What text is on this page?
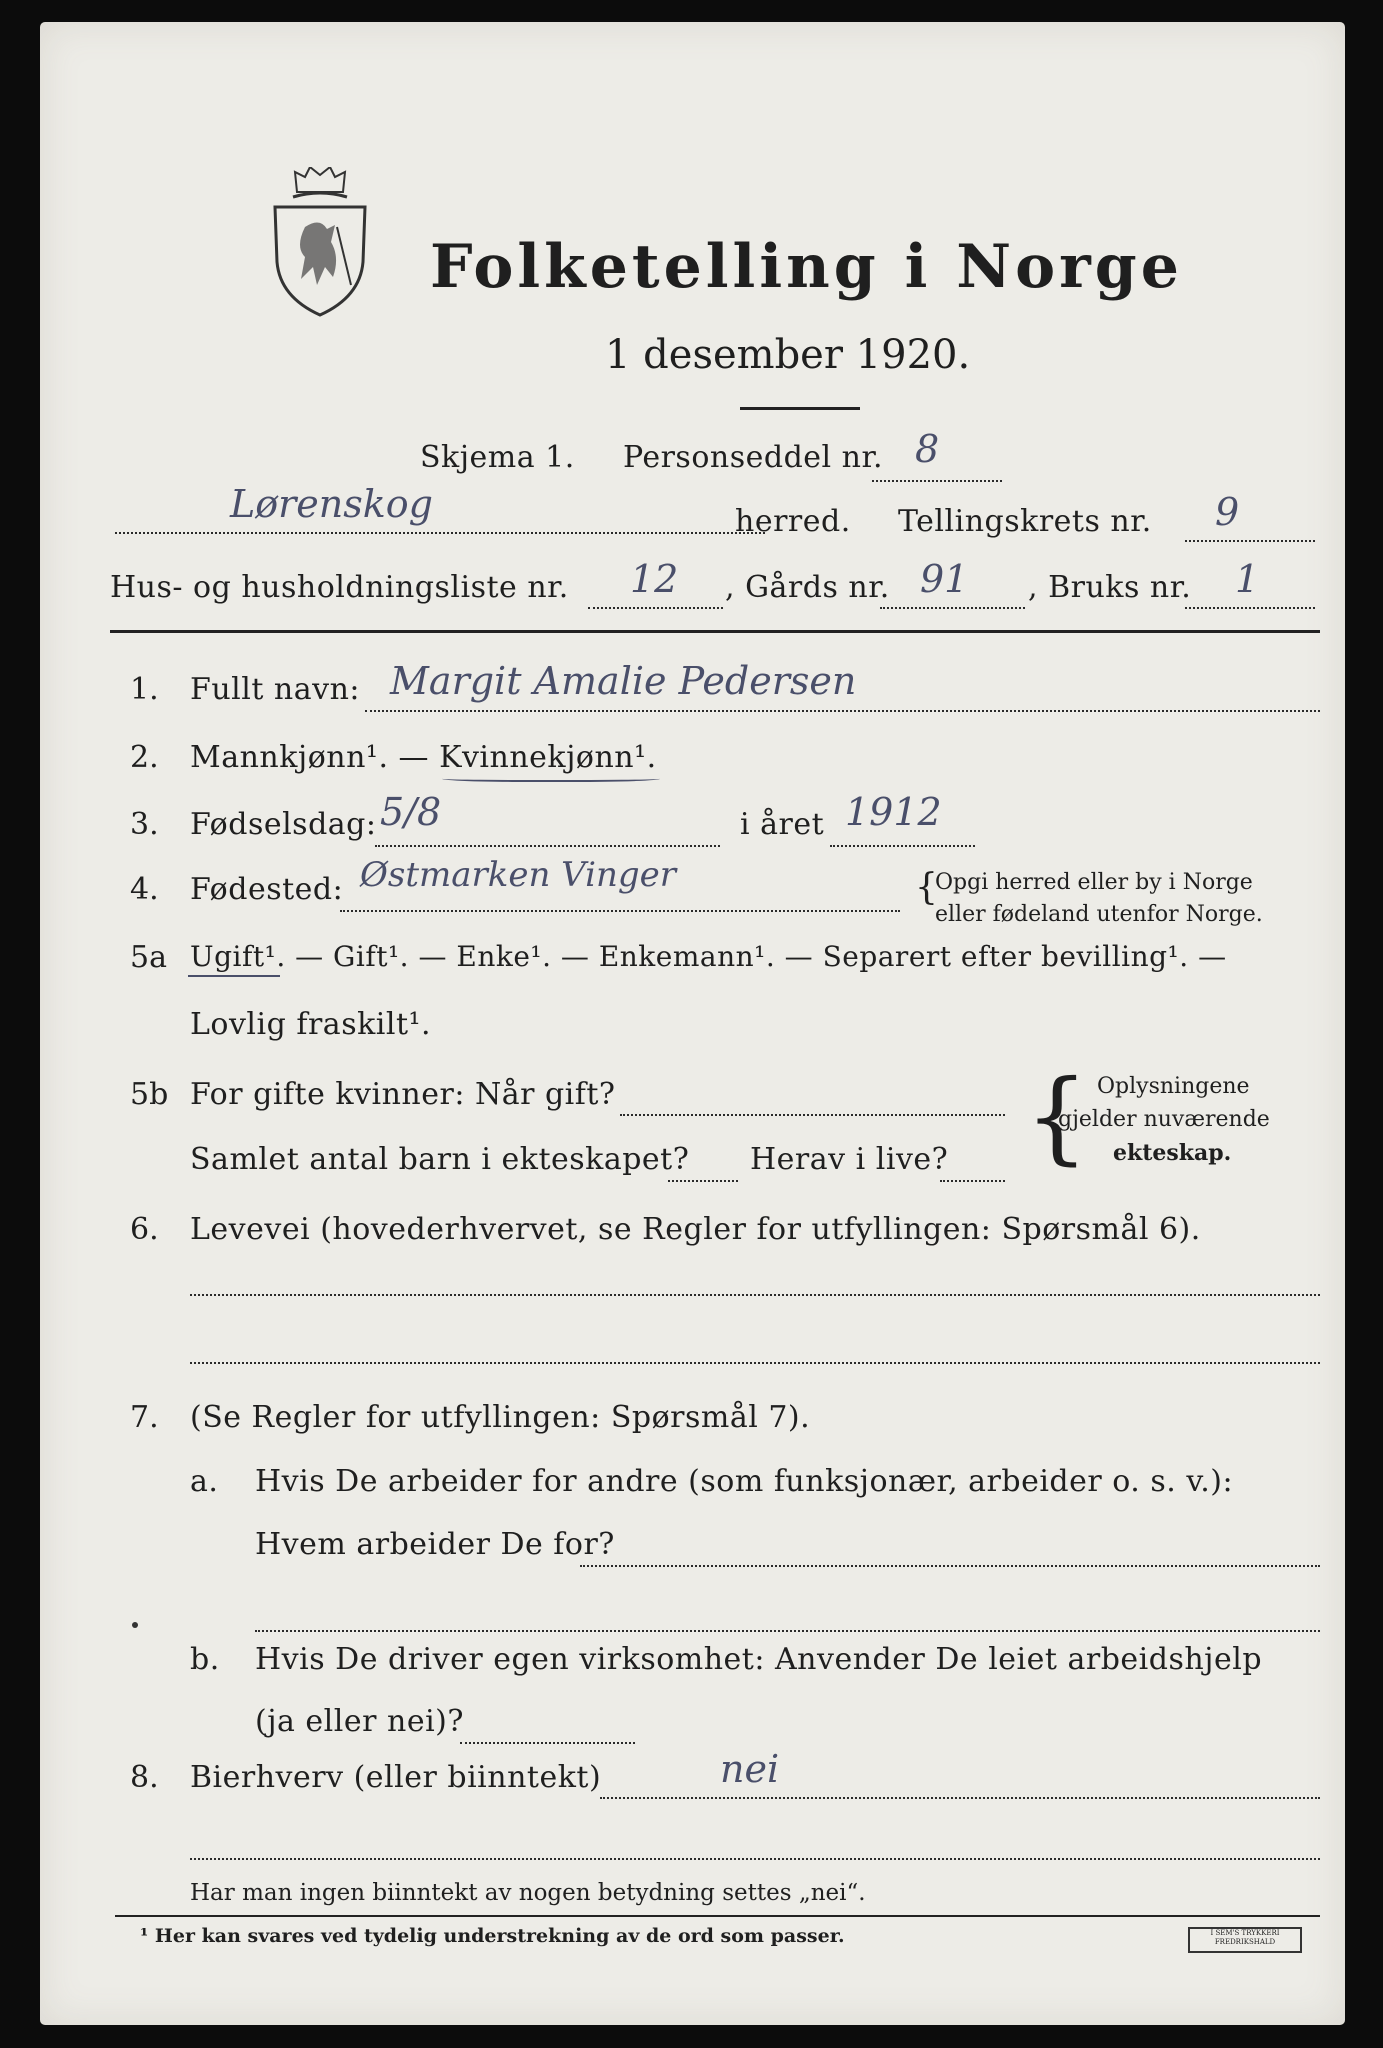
Folketelling i Norge
1 desember 1920.
Skjema 1. Personseddel nr. 8
Lørenskog	herred. Tellingskrets nr. 9
Hus- og husholdningsliste nr. 12 , Gårds nr. 91 , Bruks nr. 1
1. Fullt navn: Margit Amalie Pedersen
2. Mannkjønn¹. — Kvinnekjønn¹.
3. Fødselsdag: 5/8	i året 1912
4. Fødested: Østmarken Vinger	{
Opgi herred eller by i Norge
eller fødeland utenfor Norge.
5a Ugift¹. — Gift¹. — Enke¹. — Enkemann¹. — Separert efter bevilling¹. —
Lovlig fraskilt¹.
5b For gifte kvinner: Når gift?
Samlet antal barn i ekteskapet? Herav i live? { Oplysningene
gjelder nuværende
ekteskap.
6. Levevei (hovederhvervet, se Regler for utfyllingen: Spørsmål 6).
7. (Se Regler for utfyllingen: Spørsmål 7).
a. Hvis De arbeider for andre (som funksjonær, arbeider o. s. v.):
Hvem arbeider De for?
b. Hvis De driver egen virksomhet: Anvender De leiet arbeidshjelp
(ja eller nei)?
8. Bierhverv (eller biinntekt)	nei
Har man ingen biinntekt av nogen betydning settes „nei“.
¹ Her kan svares ved tydelig understrekning av de ord som passer.	I SEM'S TRYKKERI FREDRIKSHALD
